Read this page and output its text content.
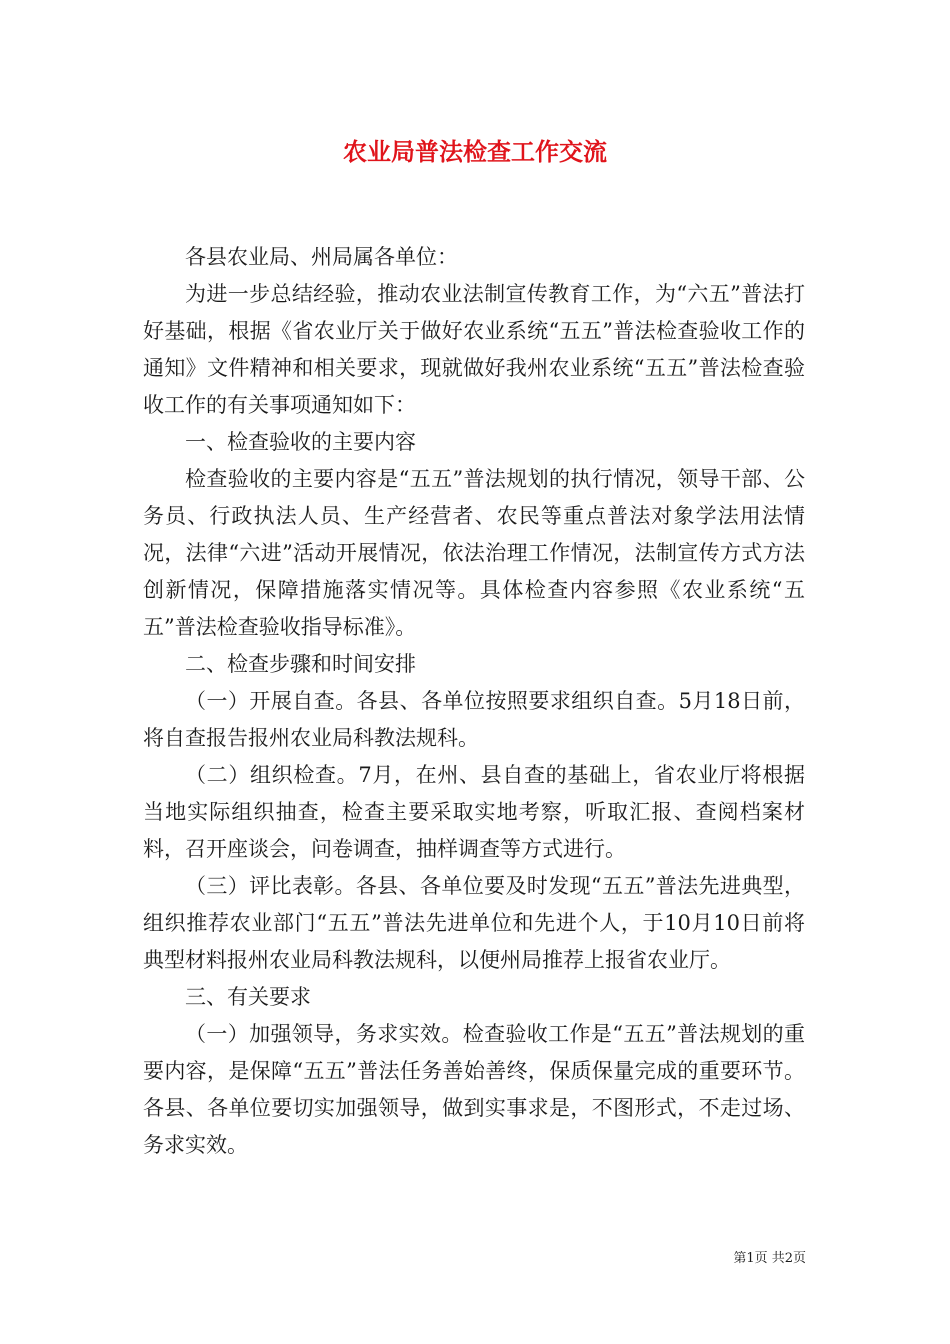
农业局普法检查工作交流

各县农业局、州局属各单位：

为进一步总结经验，推动农业法制宣传教育工作，为“六五”普法打好基础，根据《省农业厅关于做好农业系统“五五”普法检查验收工作的通知》文件精神和相关要求，现就做好我州农业系统“五五”普法检查验收工作的有关事项通知如下：

一、检查验收的主要内容

检查验收的主要内容是“五五”普法规划的执行情况，领导干部、公务员、行政执法人员、生产经营者、农民等重点普法对象学法用法情况，法律“六进”活动开展情况，依法治理工作情况，法制宣传方式方法创新情况，保障措施落实情况等。具体检查内容参照《农业系统“五五”普法检查验收指导标准》。

二、检查步骤和时间安排

（一）开展自查。各县、各单位按照要求组织自查。5月18日前，将自查报告报州农业局科教法规科。

（二）组织检查。7月，在州、县自查的基础上，省农业厅将根据当地实际组织抽查，检查主要采取实地考察，听取汇报、查阅档案材料，召开座谈会，问卷调查，抽样调查等方式进行。

（三）评比表彰。各县、各单位要及时发现“五五”普法先进典型，组织推荐农业部门“五五”普法先进单位和先进个人，于10月10日前将典型材料报州农业局科教法规科，以便州局推荐上报省农业厅。

三、有关要求

（一）加强领导，务求实效。检查验收工作是“五五”普法规划的重要内容，是保障“五五”普法任务善始善终，保质保量完成的重要环节。各县、各单位要切实加强领导，做到实事求是，不图形式，不走过场、务求实效。

第1页 共2页
